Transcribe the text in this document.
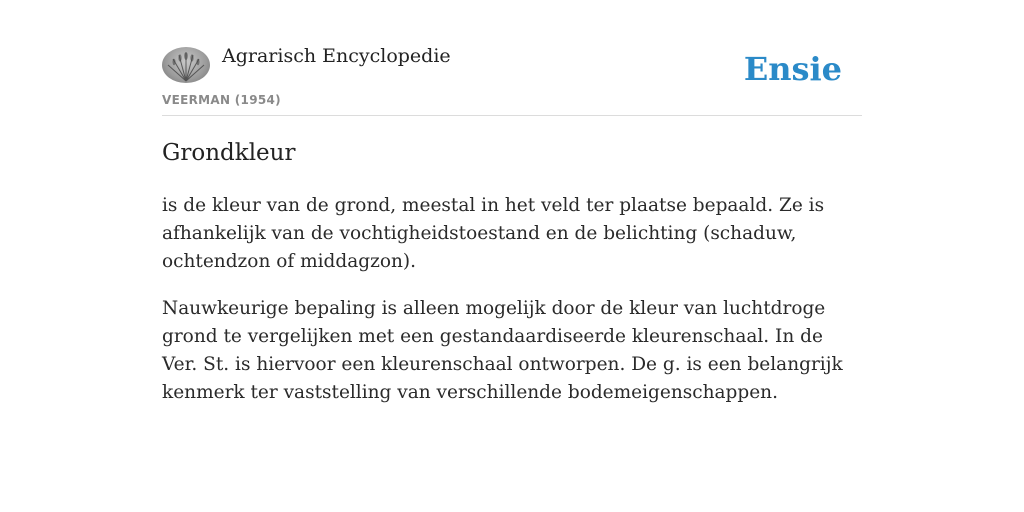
Agrarisch Encyclopedie
VEERMAN (1954)
Ensie
Grondkleur

is de kleur van de grond, meestal in het veld ter plaatse bepaald. Ze is afhankelijk van de vochtigheidstoestand en de belichting (schaduw, ochtendzon of middagzon).

Nauwkeurige bepaling is alleen mogelijk door de kleur van luchtdroge grond te vergelijken met een gestandaardiseerde kleurenschaal. In de Ver. St. is hiervoor een kleurenschaal ontworpen. De g. is een belangrijk kenmerk ter vaststelling van verschillende bodemeigenschappen.
